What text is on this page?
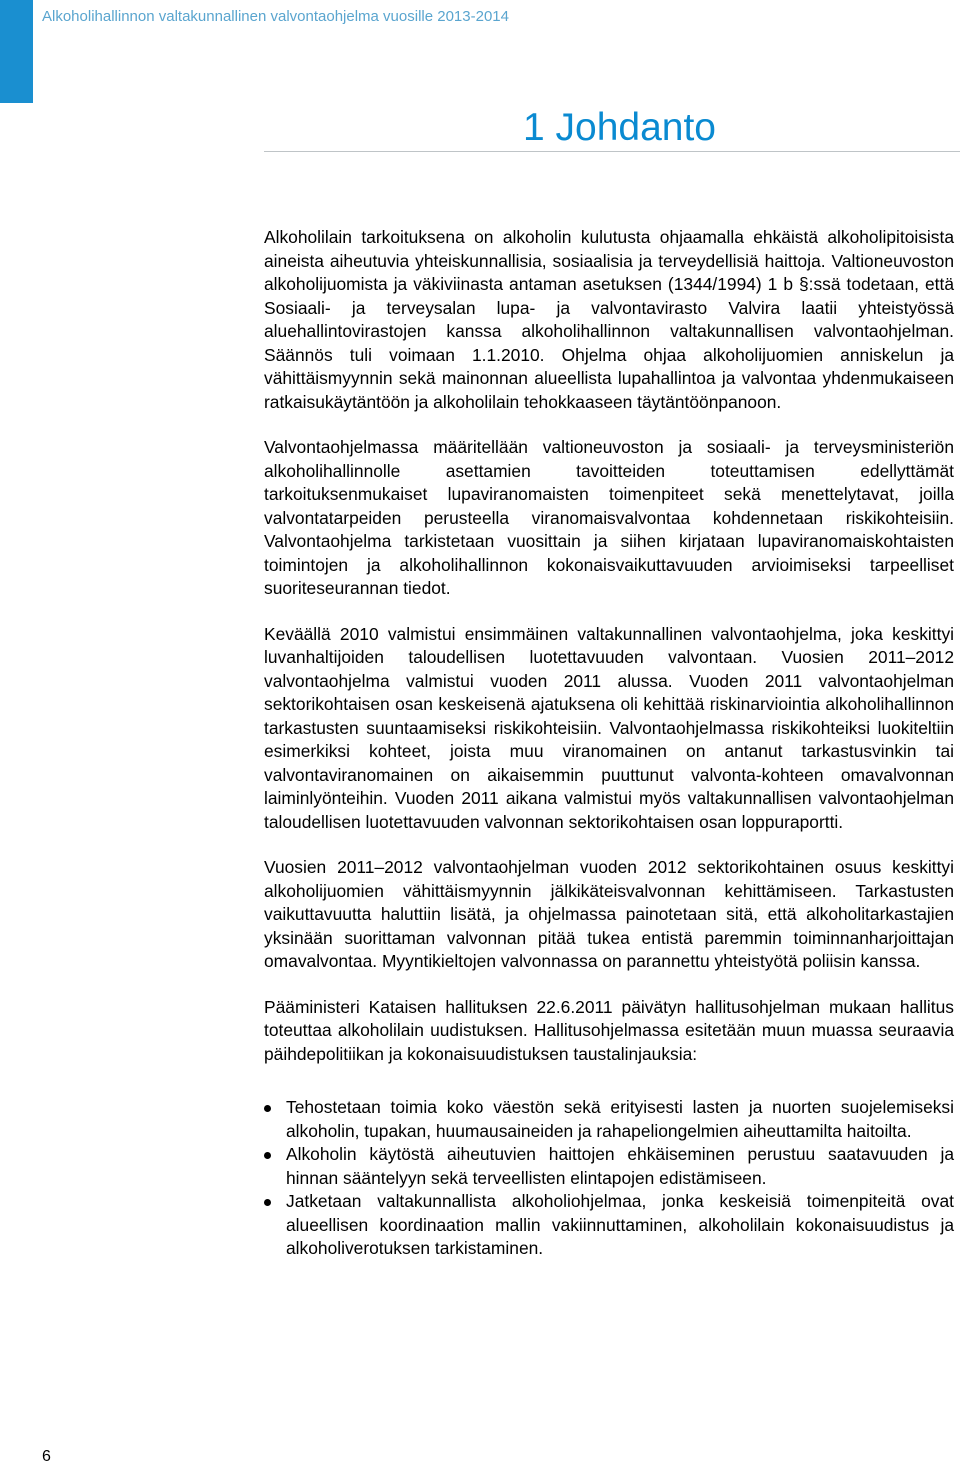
Alkoholihallinnon valtakunnallinen valvontaohjelma vuosille 2013-2014
1 Johdanto

Alkoholilain tarkoituksena on alkoholin kulutusta ohjaamalla ehkäistä alkoholipitoisista aineista aiheutuvia yhteiskunnallisia, sosiaalisia ja terveydellisiä haittoja. Valtioneuvoston alkoholijuomista ja väkiviinasta antaman asetuksen (1344/1994) 1 b §:ssä todetaan, että Sosiaali- ja terveysalan lupa- ja valvontavirasto Valvira laatii yhteistyössä aluehallintovirastojen kanssa alkoholihallinnon valtakunnallisen valvontaohjelman. Säännös tuli voimaan 1.1.2010. Ohjelma ohjaa alkoholijuomien anniskelun ja vähittäismyynnin sekä mainonnan alueellista lupahallintoa ja valvontaa yhdenmukaiseen ratkaisukäytäntöön ja alkoholilain tehokkaaseen täytäntöönpanoon.

Valvontaohjelmassa määritellään valtioneuvoston ja sosiaali- ja terveysministeriön alkoholihallinnolle asettamien tavoitteiden toteuttamisen edellyttämät tarkoituksenmukaiset lupaviranomaisten toimenpiteet sekä menettelytavat, joilla valvontatarpeiden perusteella viranomaisvalvontaa kohdennetaan riskikohteisiin. Valvontaohjelma tarkistetaan vuosittain ja siihen kirjataan lupaviranomaiskohtaisten toimintojen ja alkoholihallinnon kokonaisvaikuttavuuden arvioimiseksi tarpeelliset suoriteseurannan tiedot.

Keväällä 2010 valmistui ensimmäinen valtakunnallinen valvontaohjelma, joka keskittyi luvanhaltijoiden taloudellisen luotettavuuden valvontaan. Vuosien 2011–2012 valvontaohjelma valmistui vuoden 2011 alussa. Vuoden 2011 valvontaohjelman sektorikohtaisen osan keskeisenä ajatuksena oli kehittää riskinarviointia alkoholihallinnon tarkastusten suuntaamiseksi riskikohteisiin. Valvontaohjelmassa riskikohteiksi luokiteltiin esimerkiksi kohteet, joista muu viranomainen on antanut tarkastusvinkin tai valvontaviranomainen on aikaisemmin puuttunut valvonta-kohteen omavalvonnan laiminlyönteihin. Vuoden 2011 aikana valmistui myös valtakunnallisen valvontaohjelman taloudellisen luotettavuuden valvonnan sektorikohtaisen osan loppuraportti.

Vuosien 2011–2012 valvontaohjelman vuoden 2012 sektorikohtainen osuus keskittyi alkoholijuomien vähittäismyynnin jälkikäteisvalvonnan kehittämiseen. Tarkastusten vaikuttavuutta haluttiin lisätä, ja ohjelmassa painotetaan sitä, että alkoholitarkastajien yksinään suorittaman valvonnan pitää tukea entistä paremmin toiminnanharjoittajan omavalvontaa. Myyntikieltojen valvonnassa on parannettu yhteistyötä poliisin kanssa.

Pääministeri Kataisen hallituksen 22.6.2011 päivätyn hallitusohjelman mukaan hallitus toteuttaa alkoholilain uudistuksen. Hallitusohjelmassa esitetään muun muassa seuraavia päihdepolitiikan ja kokonaisuudistuksen taustalinjauksia:

Tehostetaan toimia koko väestön sekä erityisesti lasten ja nuorten suojelemiseksi alkoholin, tupakan, huumausaineiden ja rahapeliongelmien aiheuttamilta haitoilta.
Alkoholin käytöstä aiheutuvien haittojen ehkäiseminen perustuu saatavuuden ja hinnan sääntelyyn sekä terveellisten elintapojen edistämiseen.
Jatketaan valtakunnallista alkoholiohjelmaa, jonka keskeisiä toimenpiteitä ovat alueellisen koordinaation mallin vakiinnuttaminen, alkoholilain kokonaisuudistus ja alkoholiverotuksen tarkistaminen.
6
